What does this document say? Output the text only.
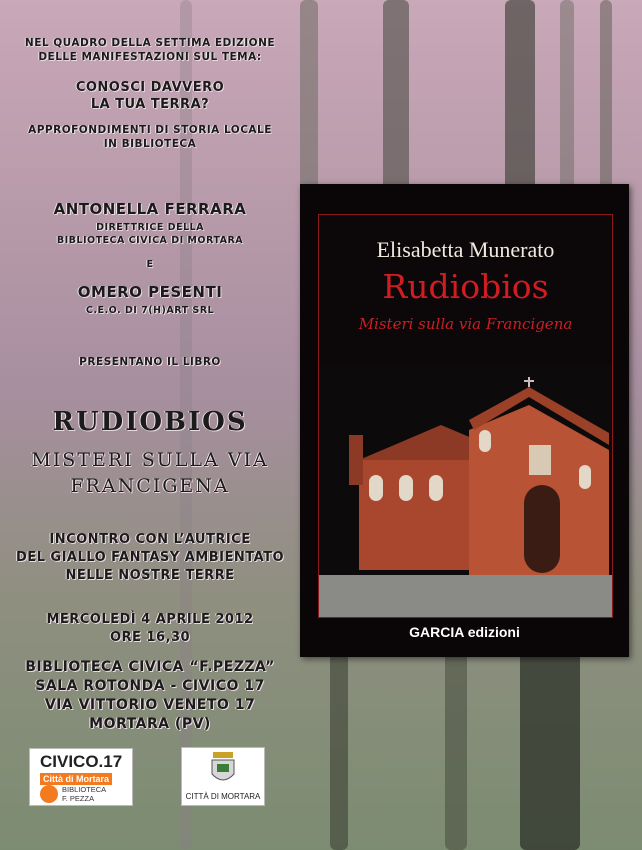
NEL QUADRO DELLA SETTIMA EDIZIONE
DELLE MANIFESTAZIONI SUL TEMA:
CONOSCI DAVVERO
LA TUA TERRA?
APPROFONDIMENTI DI STORIA LOCALE
IN BIBLIOTECA
ANTONELLA FERRARA
DIRETTRICE DELLA
BIBLIOTECA CIVICA DI MORTARA
E
OMERO PESENTI
C.E.O. DI 7(H)ART SRL
PRESENTANO IL LIBRO
RUDIOBIOS
MISTERI SULLA VIA
FRANCIGENA
INCONTRO CON L’AUTRICE
DEL GIALLO FANTASY AMBIENTATO
NELLE NOSTRE TERRE
MERCOLEDÌ 4 APRILE 2012
ORE 16,30
BIBLIOTECA CIVICA “F.PEZZA”
SALA ROTONDA - CIVICO 17
VIA VITTORIO VENETO 17
MORTARA (PV)
Elisabetta Munerato
Rudiobios
Misteri sulla via Francigena
GARCIA edizioni
CIVICO.17
Città di Mortara
BIBLIOTECA
F. PEZZA	CITTÀ DI MORTARA
